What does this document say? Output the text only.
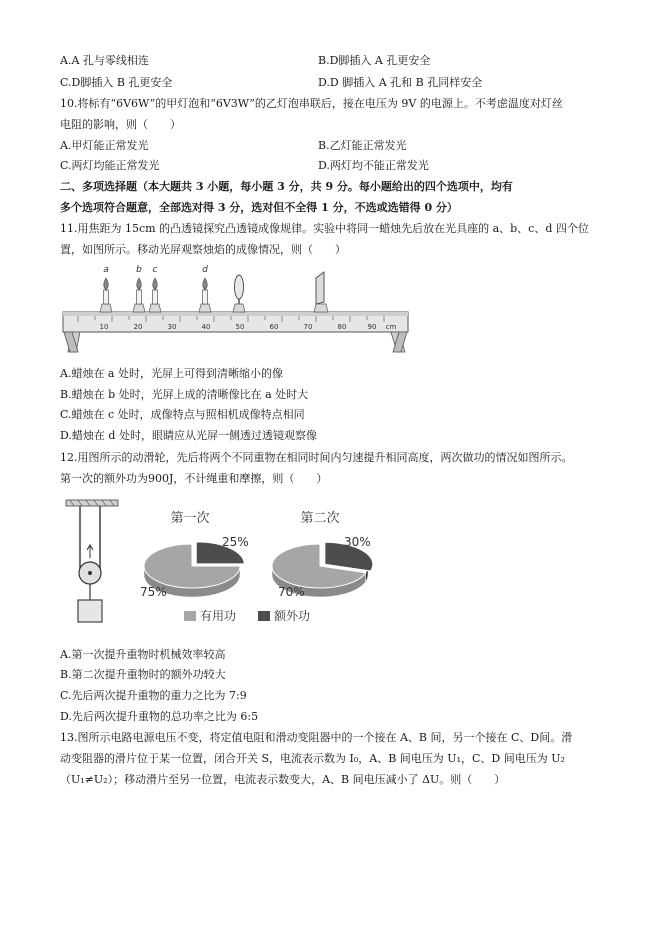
A.A 孔与零线相连	B.D脚插入 A 孔更安全
C.D脚插入 B 孔更安全	D.D 脚插入 A 孔和 B 孔同样安全
10.将标有“6V6W”的甲灯泡和“6V3W”的乙灯泡串联后，接在电压为 9V 的电源上。不考虑温度对灯丝
电阻的影响，则（　　）
A.甲灯能正常发光	B.乙灯能正常发光
C.两灯均能正常发光	D.两灯均不能正常发光
二、多项选择题（本大题共 3 小题，每小题 3 分，共 9 分。每小题给出的四个选项中，均有
多个选项符合题意，全部选对得 3 分，选对但不全得 1 分，不选或选错得 0 分）
11.用焦距为 15cm 的凸透镜探究凸透镜成像规律。实验中将同一蜡烛先后放在光具座的 a、b、c、d 四个位
置，如图所示。移动光屏观察烛焰的成像情况，则（　　）
10	20	30	40	50	60	70	80	90 cm
a	b c	d
A.蜡烛在 a 处时，光屏上可得到清晰缩小的像
B.蜡烛在 b 处时，光屏上成的清晰像比在 a 处时大
C.蜡烛在 c 处时，成像特点与照相机成像特点相同
D.蜡烛在 d 处时，眼睛应从光屏一侧透过透镜观察像
12.用图所示的动滑轮，先后将两个不同重物在相同时间内匀速提升相同高度，两次做功的情况如图所示。
第一次的额外功为900J，不计绳重和摩擦，则（　　）
第一次	第二次
25%
75%
30%
70%
有用功	额外功
A.第一次提升重物时机械效率较高
B.第二次提升重物时的额外功较大
C.先后两次提升重物的重力之比为 7:9
D.先后两次提升重物的总功率之比为 6:5
13.图所示电路电源电压不变，将定值电阻和滑动变阻器中的一个接在 A、B 间，另一个接在 C、D间。滑
动变阻器的滑片位于某一位置，闭合开关 S，电流表示数为 I₀，A、B 间电压为 U₁，C、D 间电压为 U₂
（U₁≠U₂）；移动滑片至另一位置，电流表示数变大，A、B 间电压减小了 ΔU。则（　　）
